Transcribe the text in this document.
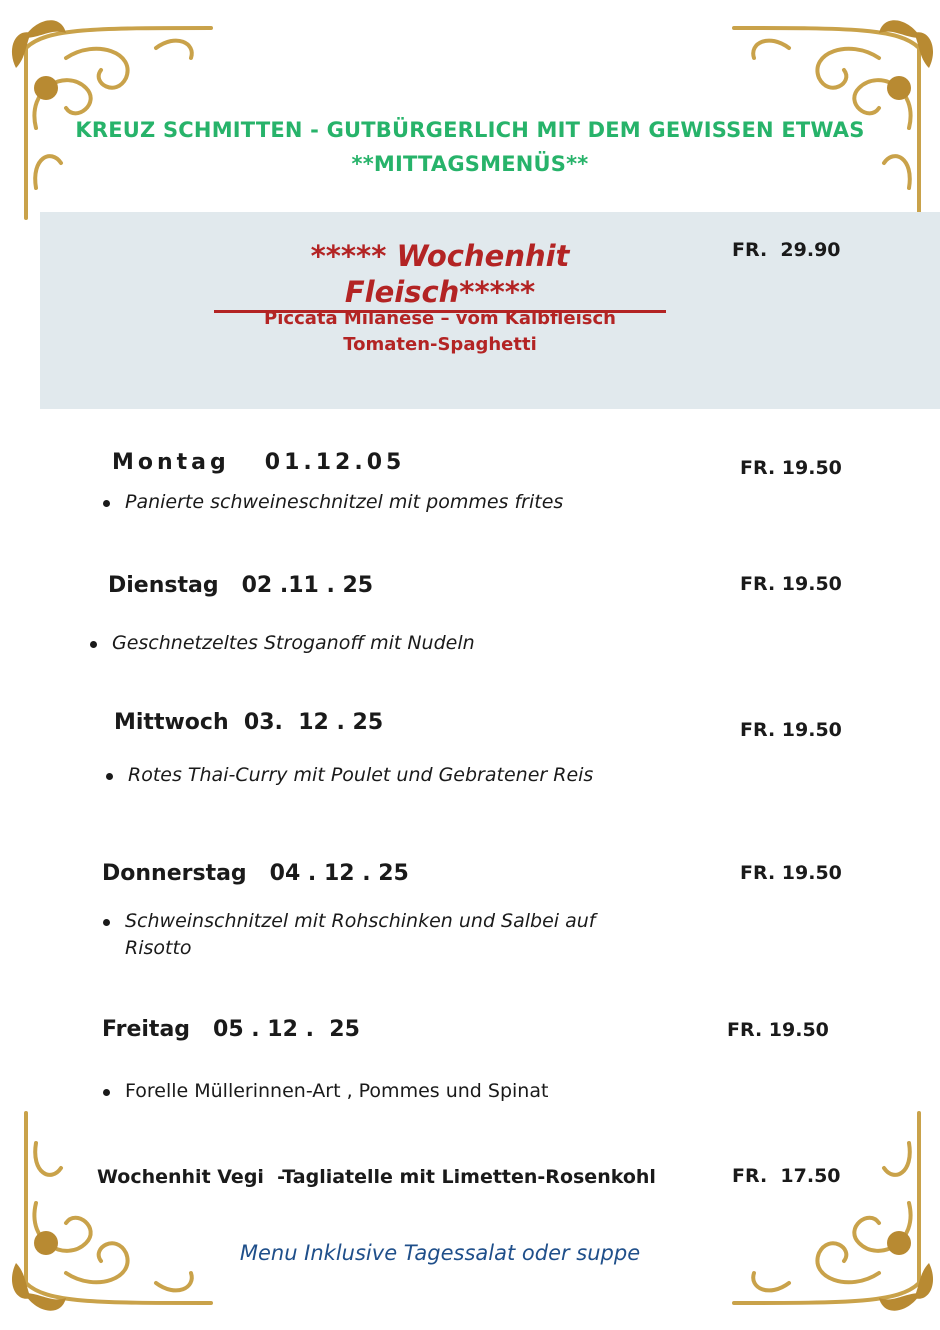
KREUZ SCHMITTEN - GUTBÜRGERLICH MIT DEM GEWISSEN ETWAS
**MITTAGSMENÜS**
***** Wochenhit Fleisch*****
FR.  29.90
Piccata Milanese – vom Kalbfleisch
Tomaten-Spaghetti
Montag   01.12.05	FR. 19.50
Panierte schweineschnitzel mit pommes frites
Dienstag   02 .11 . 25	FR. 19.50
Geschnetzeltes Stroganoff mit Nudeln
Mittwoch  03.  12 . 25	FR. 19.50
Rotes Thai-Curry mit Poulet und Gebratener Reis
Donnerstag   04 . 12 . 25	FR. 19.50
Schweinschnitzel mit Rohschinken und Salbei auf
Risotto
Freitag   05 . 12 .  25	FR. 19.50
Forelle Müllerinnen-Art , Pommes und Spinat
Wochenhit Vegi  -Tagliatelle mit Limetten-Rosenkohl	FR.  17.50
Menu Inklusive Tagessalat oder suppe
